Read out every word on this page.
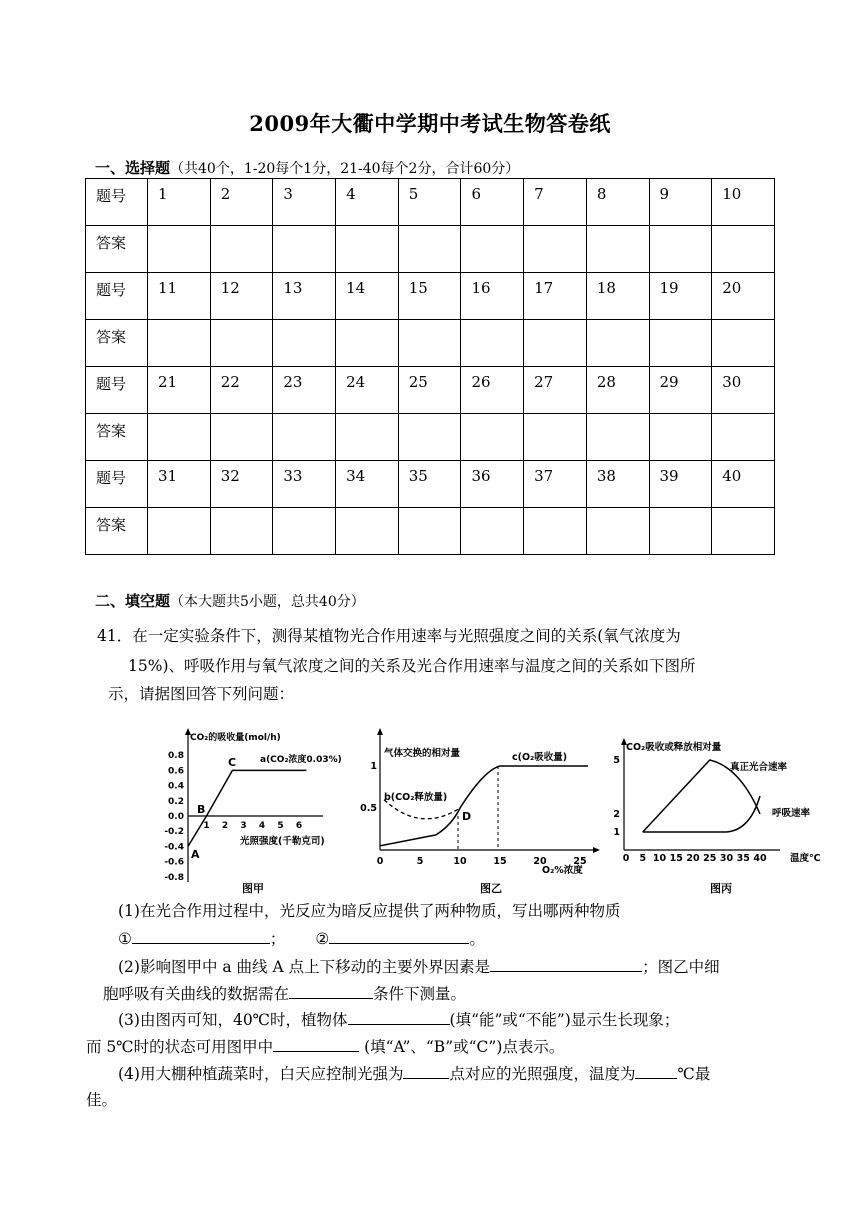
2009年大衢中学期中考试生物答卷纸
一、选择题（共40个，1-20每个1分，21-40每个2分，合计60分）
题号	1	2	3	4	5	6	7	8	9	10
答案										
题号	11	12	13	14	15	16	17	18	19	20
答案										
题号	21	22	23	24	25	26	27	28	29	30
答案										
题号	31	32	33	34	35	36	37	38	39	40
答案										
二、填空题（本大题共5小题，总共40分）
41．在一定实验条件下，测得某植物光合作用速率与光照强度之间的关系(氧气浓度为
15%)、呼吸作用与氧气浓度之间的关系及光合作用速率与温度之间的关系如下图所
示，请据图回答下列问题：
CO₂的吸收量(mol/h)
0.8
0.6
0.4
0.2
0.0
-0.2
-0.4
-0.6
-0.8
1 2 3 4 5 6
a(CO₂浓度0.03%)
A
B
C
光照强度(千勒克司)
图甲
气体交换的相对量
1
0.5
0	5	10	15	20	25
c(O₂吸收量)
b(CO₂释放量)
D
O₂%浓度
图乙
CO₂吸收或释放相对量
5
2
1
0 5 10 15 20 25 30 35 40
真正光合速率
呼吸速率
温度℃
图丙
(1)在光合作用过程中，光反应为暗反应提供了两种物质，写出哪两种物质
①	； ②	。
(2)影响图甲中 a 曲线 A 点上下移动的主要外界因素是	；图乙中细
胞呼吸有关曲线的数据需在	条件下测量。
(3)由图丙可知，40℃时，植物体	(填“能”或“不能”)显示生长现象；
而 5℃时的状态可用图甲中	(填“A”、“B”或“C”)点表示。
(4)用大棚种植蔬菜时，白天应控制光强为	点对应的光照强度，温度为	℃最
佳。
